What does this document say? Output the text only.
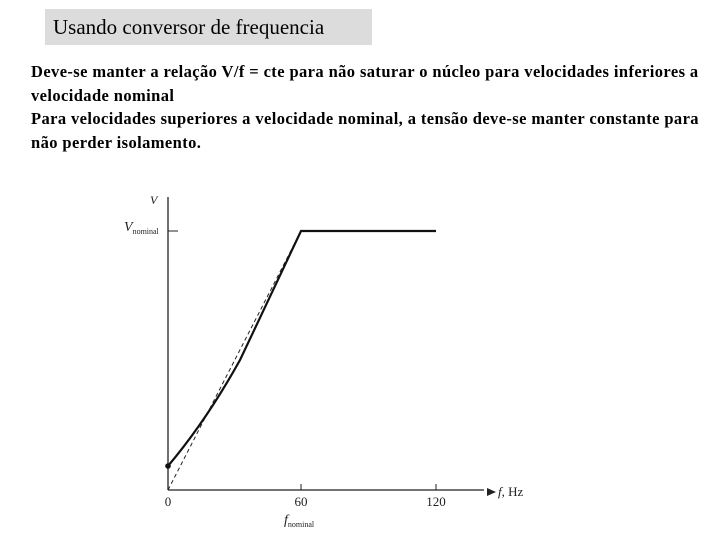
Usando conversor de frequencia

Deve-se manter a relação V/f = cte para não saturar o núcleo para velocidades inferiores a velocidade nominal

Para velocidades superiores a velocidade nominal, a tensão deve-se manter constante para não perder isolamento.

V
$V_{nominal}$
0	60	120
f, Hz
$f_{nominal}$
